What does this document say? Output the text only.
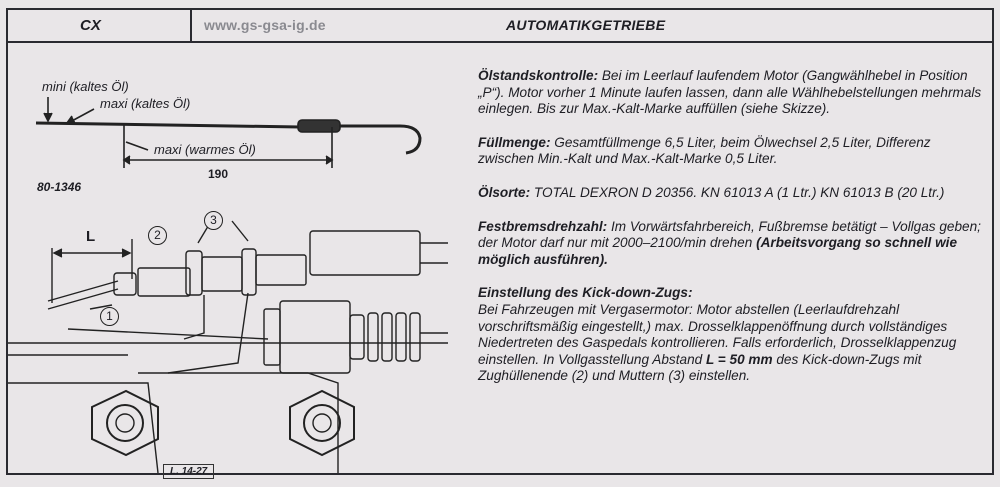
CX	www.gs-gsa-ig.de	AUTOMATIKGETRIEBE
mini (kaltes Öl)
maxi (kaltes Öl)
maxi (warmes Öl)
190
80-1346
L	2
3
1
L. 14-27

Ölstandskontrolle: Bei im Leerlauf laufendem Motor (Gangwählhebel in Position „P“). Motor vorher 1 Minute laufen lassen, dann alle Wählhebelstellungen mehrmals einlegen. Bis zur Max.-Kalt-Marke auffüllen (siehe Skizze).

Füllmenge: Gesamtfüllmenge 6,5 Liter, beim Ölwechsel 2,5 Liter, Differenz zwischen Min.-Kalt und Max.-Kalt-Marke 0,5 Liter.

Ölsorte: TOTAL DEXRON D 20356. KN 61013 A (1 Ltr.) KN 61013 B (20 Ltr.)

Festbremsdrehzahl: Im Vorwärtsfahrbereich, Fußbremse betätigt – Vollgas geben; der Motor darf nur mit 2000–2100/min drehen (Arbeitsvorgang so schnell wie möglich ausführen).

Einstellung des Kick-down-Zugs:
Bei Fahrzeugen mit Vergasermotor: Motor abstellen (Leerlaufdrehzahl vorschriftsmäßig eingestellt,) max. Drosselklappenöffnung durch vollständiges Niedertreten des Gaspedals kontrollieren. Falls erforderlich, Drosselklappenzug einstellen. In Vollgasstellung Abstand L = 50 mm des Kick-down-Zugs mit Zughüllenende (2) und Muttern (3) einstellen.
